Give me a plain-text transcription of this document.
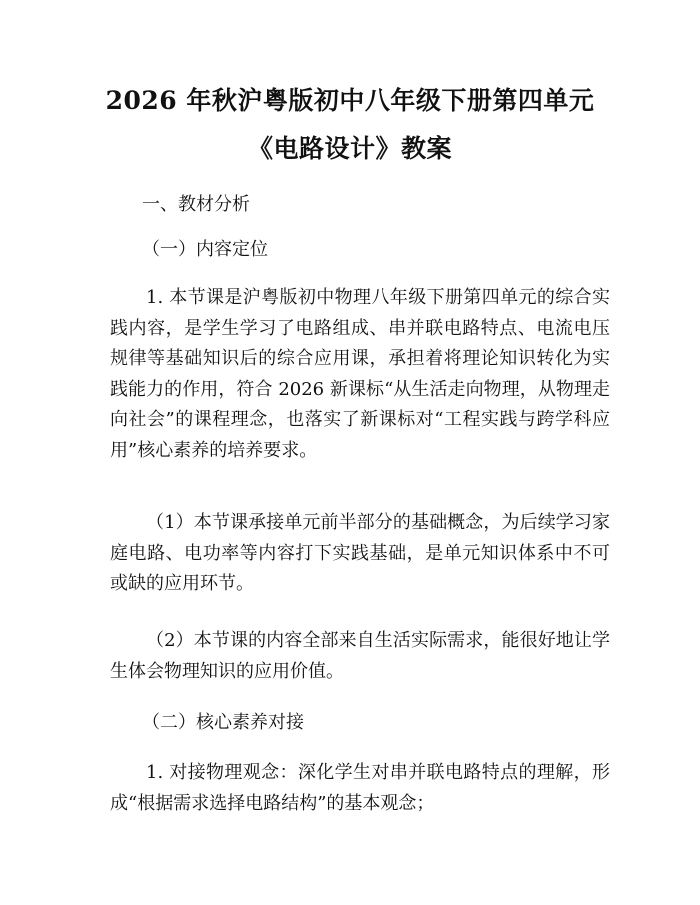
2026 年秋沪粤版初中八年级下册第四单元
《电路设计》教案
一、教材分析
（一）内容定位

1. 本节课是沪粤版初中物理八年级下册第四单元的综合实践内容，是学生学习了电路组成、串并联电路特点、电流电压规律等基础知识后的综合应用课，承担着将理论知识转化为实践能力的作用，符合 2026 新课标“从生活走向物理，从物理走向社会”的课程理念，也落实了新课标对“工程实践与跨学科应用”核心素养的培养要求。

（1）本节课承接单元前半部分的基础概念，为后续学习家庭电路、电功率等内容打下实践基础，是单元知识体系中不可或缺的应用环节。

（2）本节课的内容全部来自生活实际需求，能很好地让学生体会物理知识的应用价值。

（二）核心素养对接

1. 对接物理观念：深化学生对串并联电路特点的理解，形成“根据需求选择电路结构”的基本观念；
